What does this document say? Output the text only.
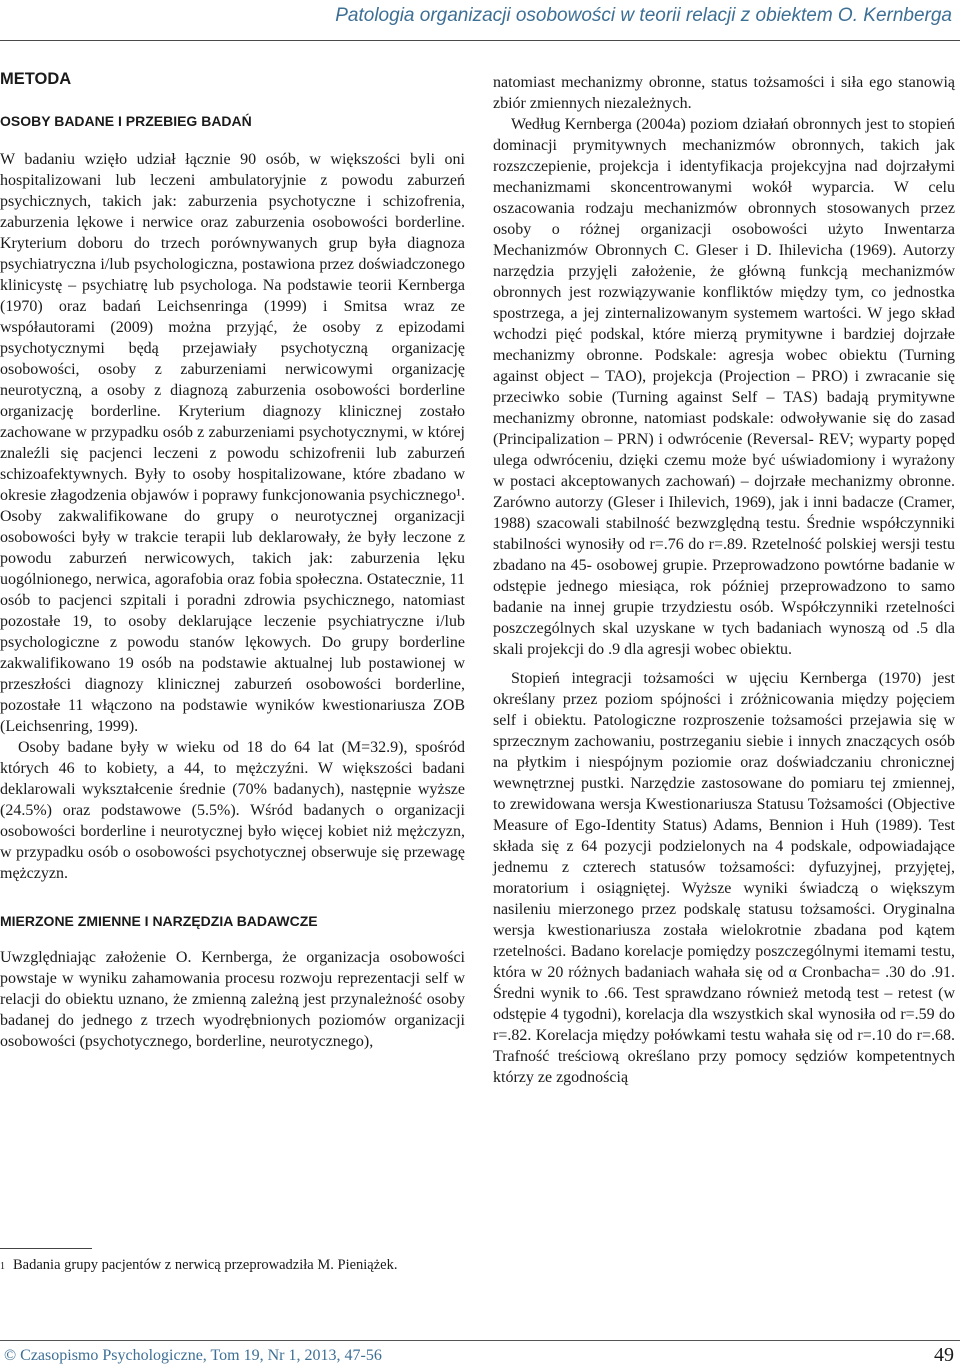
Patologia organizacji osobowości w teorii relacji z obiektem O. Kernberga
METODA
OSOBY BADANE I PRZEBIEG BADAŃ

W badaniu wzięło udział łącznie 90 osób, w większości byli oni hospitalizowani lub leczeni ambulatoryjnie z powodu zaburzeń psychicznych, takich jak: zaburzenia psychotyczne i schizofrenia, zaburzenia lękowe i nerwice oraz zaburzenia osobowości borderline. Kryterium doboru do trzech porównywanych grup była diagnoza psychiatryczna i/lub psychologiczna, postawiona przez doświadczonego klinicystę – psychiatrę lub psychologa. Na podstawie teorii Kernberga (1970) oraz badań Leichsenringa (1999) i Smitsa wraz ze współautorami (2009) można przyjąć, że osoby z epizodami psychotycznymi będą przejawiały psychotyczną organizację osobowości, osoby z zaburzeniami nerwicowymi organizację neurotyczną, a osoby z diagnozą zaburzenia osobowości borderline organizację borderline. Kryterium diagnozy klinicznej zostało zachowane w przypadku osób z zaburzeniami psychotycznymi, w której znaleźli się pacjenci leczeni z powodu schizofrenii lub zaburzeń schizoafektywnych. Były to osoby hospitalizowane, które zbadano w okresie złagodzenia objawów i poprawy funkcjonowania psychicznego¹. Osoby zakwalifikowane do grupy o neurotycznej organizacji osobowości były w trakcie terapii lub deklarowały, że były leczone z powodu zaburzeń nerwicowych, takich jak: zaburzenia lęku uogólnionego, nerwica, agorafobia oraz fobia społeczna. Ostatecznie, 11 osób to pacjenci szpitali i poradni zdrowia psychicznego, natomiast pozostałe 19, to osoby deklarujące leczenie psychiatryczne i/lub psychologiczne z powodu stanów lękowych. Do grupy borderline zakwalifikowano 19 osób na podstawie aktualnej lub postawionej w przeszłości diagnozy klinicznej zaburzeń osobowości borderline, pozostałe 11 włączono na podstawie wyników kwestionariusza ZOB (Leichsenring, 1999).

Osoby badane były w wieku od 18 do 64 lat (M=32.9), spośród których 46 to kobiety, a 44, to mężczyźni. W większości badani deklarowali wykształcenie średnie (70% badanych), następnie wyższe (24.5%) oraz podstawowe (5.5%). Wśród badanych o organizacji osobowości borderline i neurotycznej było więcej kobiet niż mężczyzn, w przypadku osób o osobowości psychotycznej obserwuje się przewagę mężczyzn.

MIERZONE ZMIENNE I NARZĘDZIA BADAWCZE

Uwzględniając założenie O. Kernberga, że organizacja osobowości powstaje w wyniku zahamowania procesu rozwoju reprezentacji self w relacji do obiektu uznano, że zmienną zależną jest przynależność osoby badanej do jednego z trzech wyodrębnionych poziomów organizacji osobowości (psychotycznego, borderline, neurotycznego),

$^1$ Badania grupy pacjentów z nerwicą przeprowadziła M. Pieniążek.

natomiast mechanizmy obronne, status tożsamości i siła ego stanowią zbiór zmiennych niezależnych.

Według Kernberga (2004a) poziom działań obronnych jest to stopień dominacji prymitywnych mechanizmów obronnych, takich jak rozszczepienie, projekcja i identyfikacja projekcyjna nad dojrzałymi mechanizmami skoncentrowanymi wokół wyparcia. W celu oszacowania rodzaju mechanizmów obronnych stosowanych przez osoby o różnej organizacji osobowości użyto Inwentarza Mechanizmów Obronnych C. Gleser i D. Ihilevicha (1969). Autorzy narzędzia przyjęli założenie, że główną funkcją mechanizmów obronnych jest rozwiązywanie konfliktów między tym, co jednostka spostrzega, a jej zinternalizowanym systemem wartości. W jego skład wchodzi pięć podskal, które mierzą prymitywne i bardziej dojrzałe mechanizmy obronne. Podskale: agresja wobec obiektu (Turning against object – TAO), projekcja (Projection – PRO) i zwracanie się przeciwko sobie (Turning against Self – TAS) badają prymitywne mechanizmy obronne, natomiast podskale: odwoływanie się do zasad (Principalization – PRN) i odwrócenie (Reversal- REV; wyparty popęd ulega odwróceniu, dzięki czemu może być uświadomiony i wyrażony w postaci akceptowanych zachowań) – dojrzałe mechanizmy obronne. Zarówno autorzy (Gleser i Ihilevich, 1969), jak i inni badacze (Cramer, 1988) szacowali stabilność bezwzględną testu. Średnie współczynniki stabilności wynosiły od r=.76 do r=.89. Rzetelność polskiej wersji testu zbadano na 45- osobowej grupie. Przeprowadzono powtórne badanie w odstępie jednego miesiąca, rok później przeprowadzono to samo badanie na innej grupie trzydziestu osób. Współczynniki rzetelności poszczególnych skal uzyskane w tych badaniach wynoszą od .5 dla skali projekcji do .9 dla agresji wobec obiektu.

Stopień integracji tożsamości w ujęciu Kernberga (1970) jest określany przez poziom spójności i zróżnicowania między pojęciem self i obiektu. Patologiczne rozproszenie tożsamości przejawia się w sprzecznym zachowaniu, postrzeganiu siebie i innych znaczących osób na płytkim i niespójnym poziomie oraz doświadczaniu chronicznej wewnętrznej pustki. Narzędzie zastosowane do pomiaru tej zmiennej, to zrewidowana wersja Kwestionariusza Statusu Tożsamości (Objective Measure of Ego-Identity Status) Adams, Bennion i Huh (1989). Test składa się z 64 pozycji podzielonych na 4 podskale, odpowiadające jednemu z czterech statusów tożsamości: dyfuzyjnej, przyjętej, moratorium i osiągniętej. Wyższe wyniki świadczą o większym nasileniu mierzonego przez podskalę statusu tożsamości. Oryginalna wersja kwestionariusza została wielokrotnie zbadana pod kątem rzetelności. Badano korelacje pomiędzy poszczególnymi itemami testu, która w 20 różnych badaniach wahała się od α Cronbacha= .30 do .91. Średni wynik to .66. Test sprawdzano również metodą test – retest (w odstępie 4 tygodni), korelacja dla wszystkich skal wynosiła od r=.59 do r=.82. Korelacja między połówkami testu wahała się od r=.10 do r=.68. Trafność treściową określano przy pomocy sędziów kompetentnych którzy ze zgodnością

© Czasopismo Psychologiczne, Tom 19, Nr 1, 2013, 47-56	49
